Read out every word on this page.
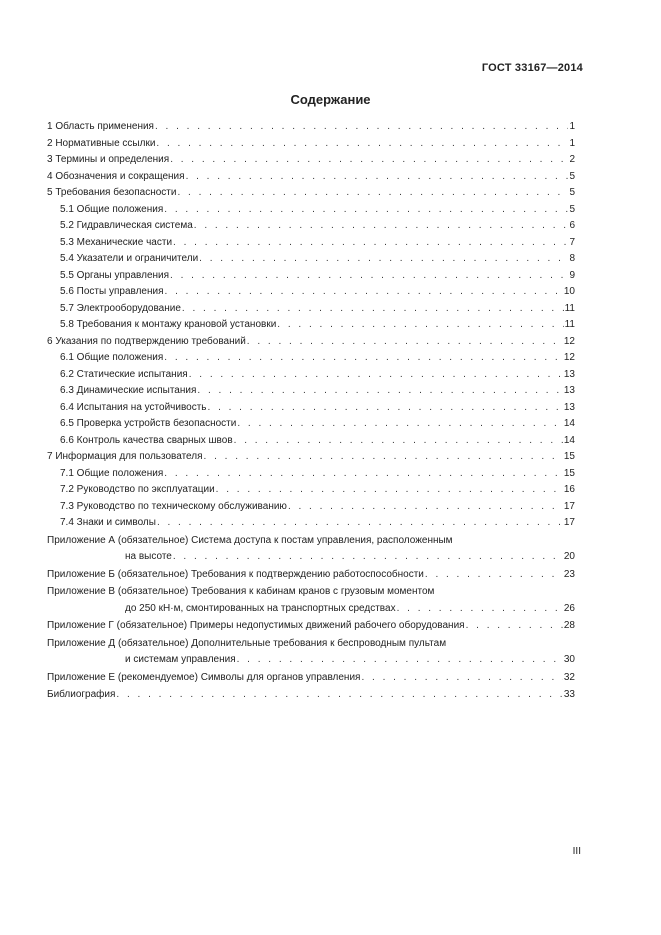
ГОСТ 33167—2014
Содержание
1 Область применения . . .	1
2 Нормативные ссылки . . .	1
3 Термины и определения . . .	2
4 Обозначения и сокращения . . .	5
5 Требования безопасности . . .	5
5.1 Общие положения . . .	5
5.2 Гидравлическая система . . .	6
5.3 Механические части . . .	7
5.4 Указатели и ограничители . . .	8
5.5 Органы управления . . .	9
5.6 Посты управления . . .	10
5.7 Электрооборудование . . .	11
5.8 Требования к монтажу крановой установки . . .	11
6 Указания по подтверждению требований . . .	12
6.1 Общие положения . . .	12
6.2 Статические испытания . . .	13
6.3 Динамические испытания . . .	13
6.4 Испытания на устойчивость . . .	13
6.5 Проверка устройств безопасности . . .	14
6.6 Контроль качества сварных швов . . .	14
7 Информация для пользователя . . .	15
7.1 Общие положения . . .	15
7.2 Руководство по эксплуатации . . .	16
7.3 Руководство по техническому обслуживанию . . .	17
7.4 Знаки и символы . . .	17
Приложение А (обязательное) Система доступа к постам управления, расположенным
на высоте . . .	20
Приложение Б (обязательное) Требования к подтверждению работоспособности . . .	23
Приложение В (обязательное) Требования к кабинам кранов с грузовым моментом
до 250 кН·м, смонтированных на транспортных средствах . . .	26
Приложение Г (обязательное) Примеры недопустимых движений рабочего оборудования . . .	28
Приложение Д (обязательное) Дополнительные требования к беспроводным пультам
и системам управления . . .	30
Приложение Е (рекомендуемое) Символы для органов управления . . .	32
Библиография . . .	33
III
